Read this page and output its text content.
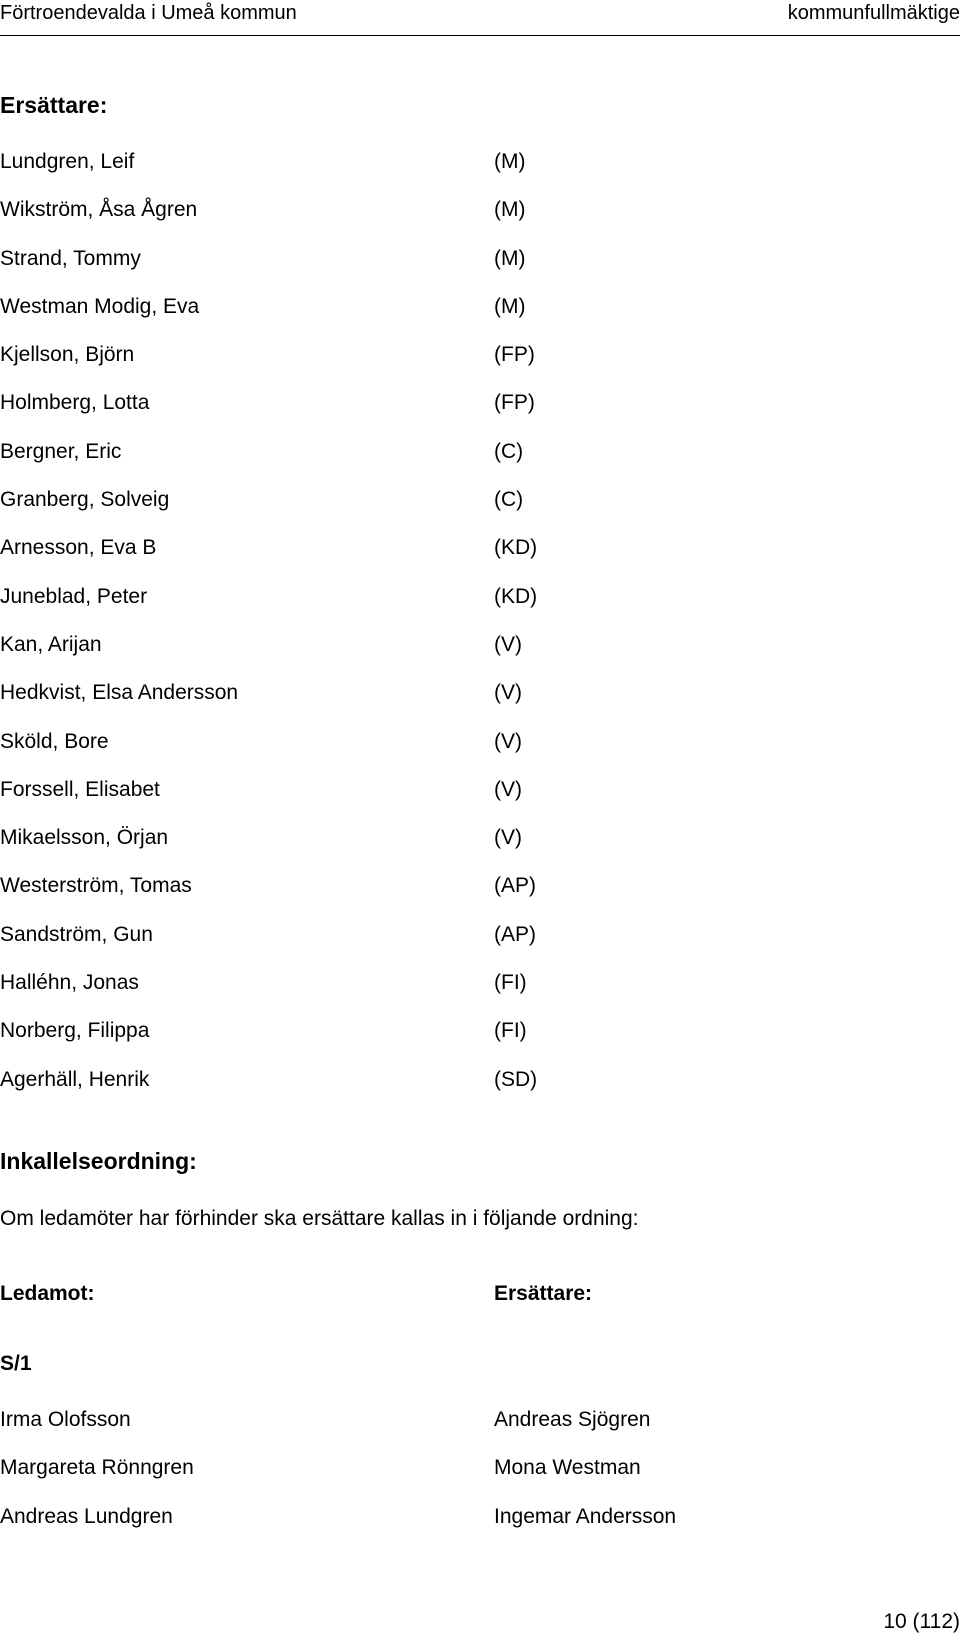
Förtroendevalda i Umeå kommun	kommunfullmäktige
Ersättare:
Lundgren, Leif	(M)
Wikström, Åsa Ågren	(M)
Strand, Tommy	(M)
Westman Modig, Eva	(M)
Kjellson, Björn	(FP)
Holmberg, Lotta	(FP)
Bergner, Eric	(C)
Granberg, Solveig	(C)
Arnesson, Eva B	(KD)
Juneblad, Peter	(KD)
Kan, Arijan	(V)
Hedkvist, Elsa Andersson	(V)
Sköld, Bore	(V)
Forssell, Elisabet	(V)
Mikaelsson, Örjan	(V)
Westerström, Tomas	(AP)
Sandström, Gun	(AP)
Halléhn, Jonas	(FI)
Norberg, Filippa	(FI)
Agerhäll, Henrik	(SD)
Inkallelseordning:
Om ledamöter har förhinder ska ersättare kallas in i följande ordning:
Ledamot:	Ersättare:
S/1
Irma Olofsson	Andreas Sjögren
Margareta Rönngren	Mona Westman
Andreas Lundgren	Ingemar Andersson
10 (112)
